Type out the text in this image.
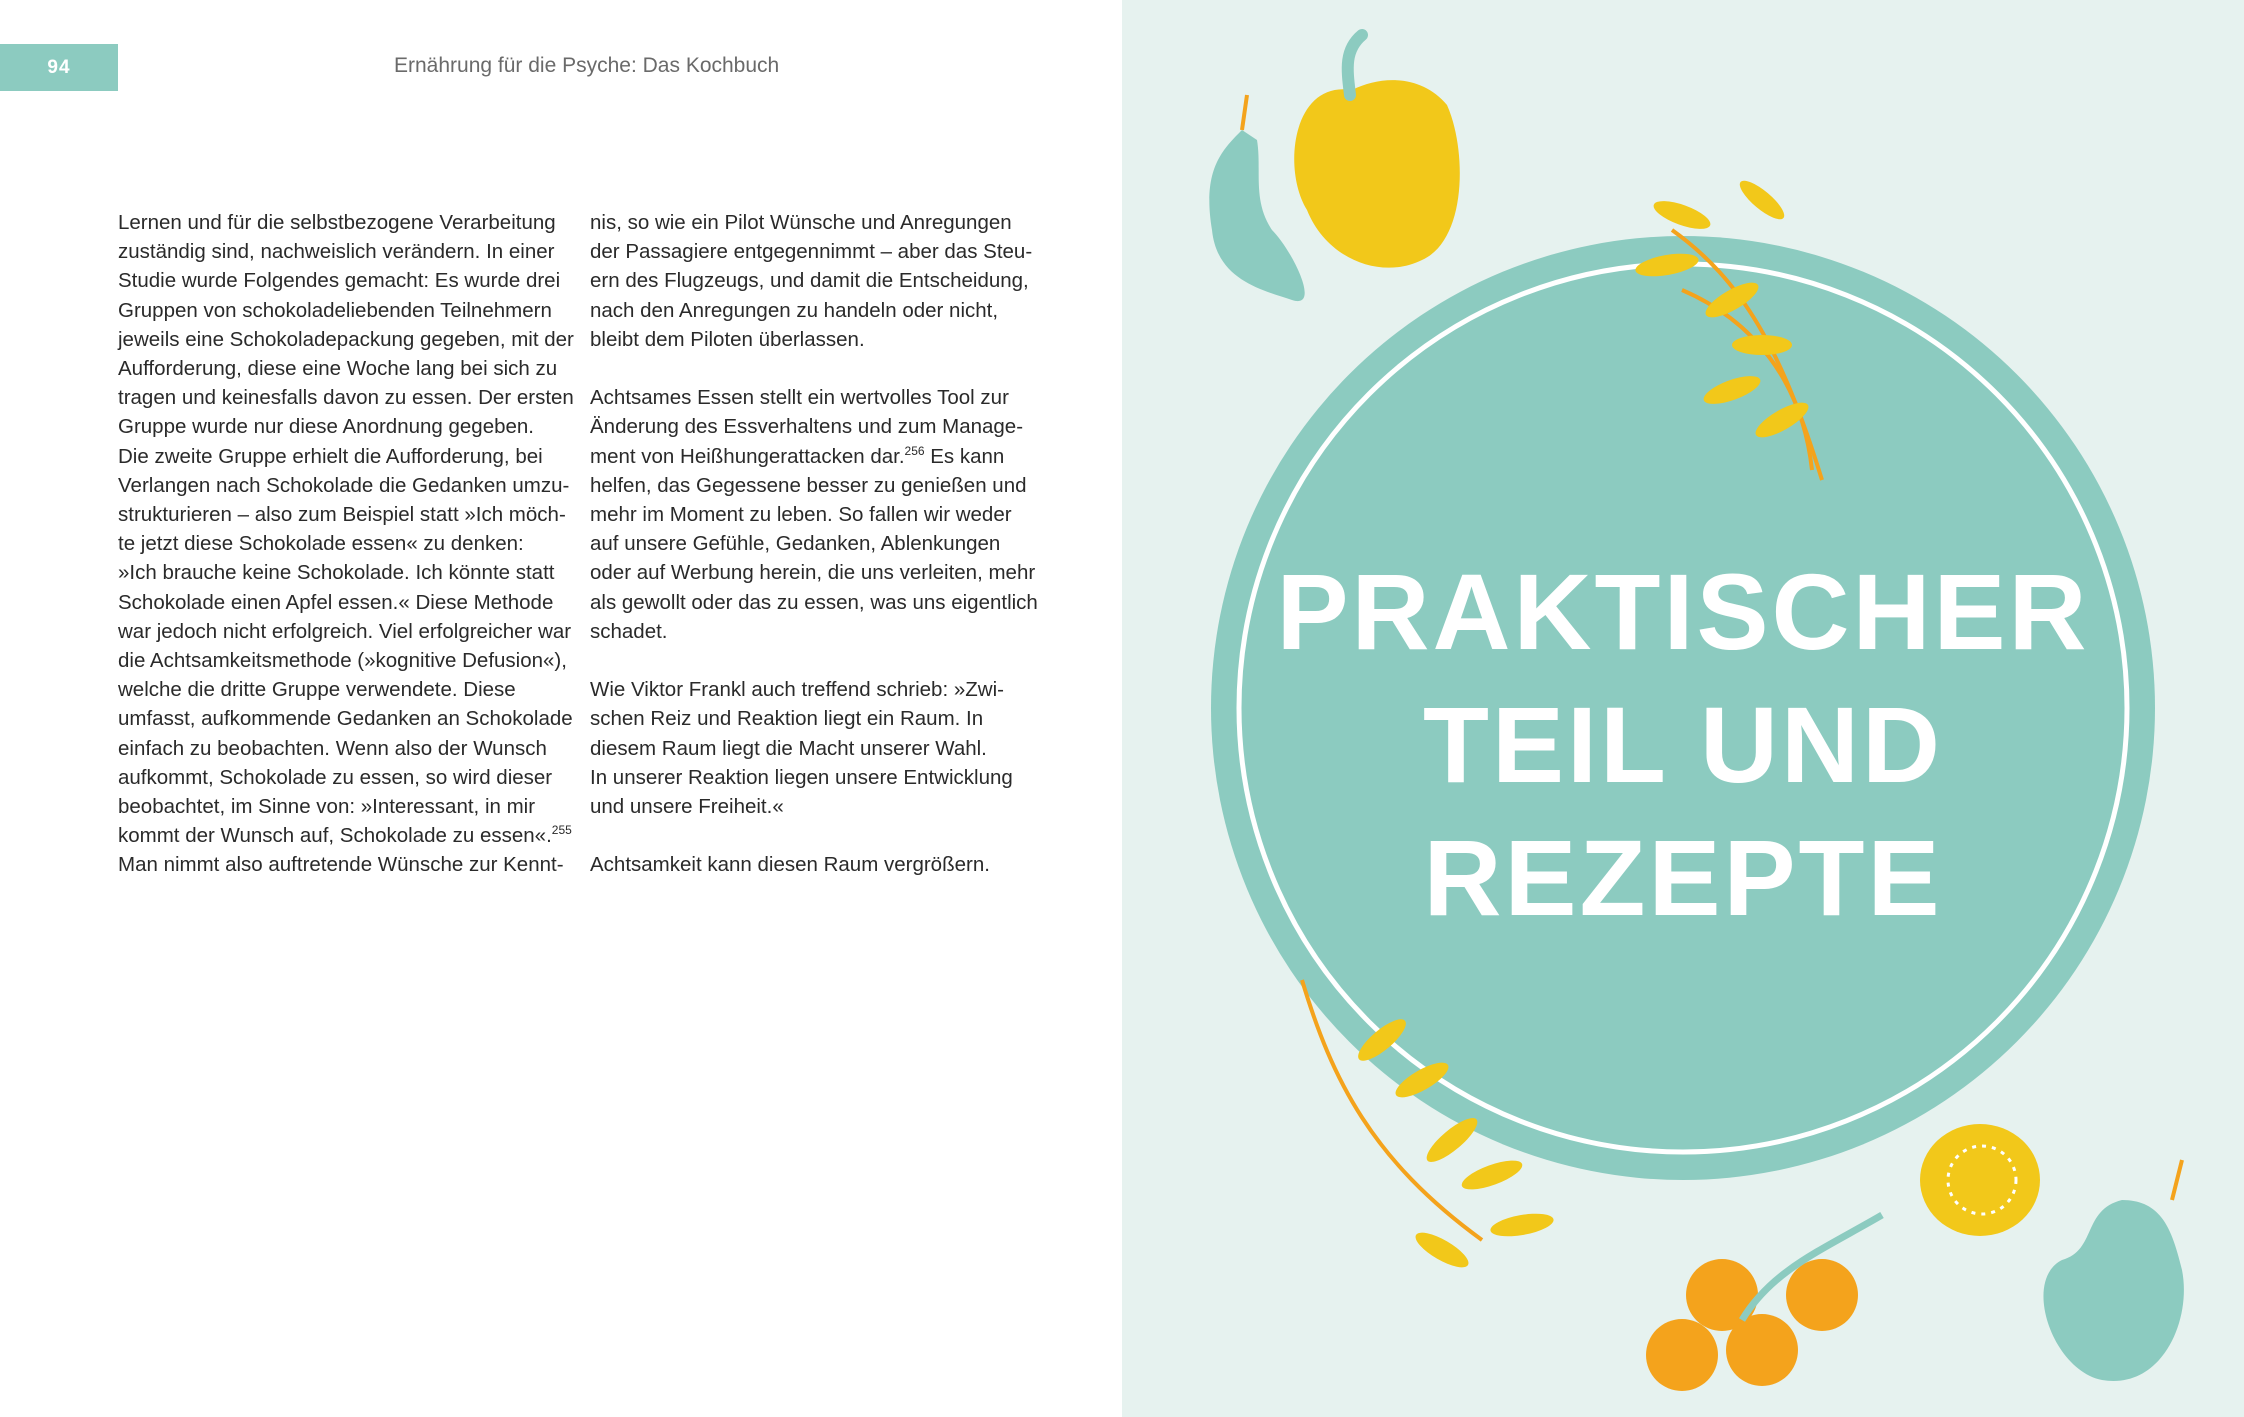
94	Ernährung für die Psyche: Das Kochbuch
Lernen und für die selbstbezogene Verarbeitung
zuständig sind, nachweislich verändern. In einer
Studie wurde Folgendes gemacht: Es wurde drei
Gruppen von schokoladeliebenden Teilnehmern
jeweils eine Schokoladepackung gegeben, mit der
Aufforderung, diese eine Woche lang bei sich zu
tragen und keinesfalls davon zu essen. Der ersten
Gruppe wurde nur diese Anordnung gegeben.
Die zweite Gruppe erhielt die Aufforderung, bei
Verlangen nach Schokolade die Gedanken umzu-
strukturieren – also zum Beispiel statt »Ich möch-
te jetzt diese Schokolade essen« zu denken:
»Ich brauche keine Schokolade. Ich könnte statt
Schokolade einen Apfel essen.« Diese Methode
war jedoch nicht erfolgreich. Viel erfolgreicher war
die Achtsamkeitsmethode (»kognitive Defusion«),
welche die dritte Gruppe verwendete. Diese
umfasst, aufkommende Gedanken an Schokolade
einfach zu beobachten. Wenn also der Wunsch
aufkommt, Schokolade zu essen, so wird dieser
beobachtet, im Sinne von: »Interessant, in mir
kommt der Wunsch auf, Schokolade zu essen«.$^{255}$
Man nimmt also auftretende Wünsche zur Kennt-
nis, so wie ein Pilot Wünsche und Anregungen
der Passagiere entgegennimmt – aber das Steu-
ern des Flugzeugs, und damit die Entscheidung,
nach den Anregungen zu handeln oder nicht,
bleibt dem Piloten überlassen.
Achtsames Essen stellt ein wertvolles Tool zur
Änderung des Essverhaltens und zum Manage-
ment von Heißhungerattacken dar.$^{256}$ Es kann
helfen, das Gegessene besser zu genießen und
mehr im Moment zu leben. So fallen wir weder
auf unsere Gefühle, Gedanken, Ablenkungen
oder auf Werbung herein, die uns verleiten, mehr
als gewollt oder das zu essen, was uns eigentlich
schadet.
Wie Viktor Frankl auch treffend schrieb: »Zwi-
schen Reiz und Reaktion liegt ein Raum. In
diesem Raum liegt die Macht unserer Wahl.
In unserer Reaktion liegen unsere Entwicklung
und unsere Freiheit.«
Achtsamkeit kann diesen Raum vergrößern.
PRAKTISCHER
TEIL UND
REZEPTE
